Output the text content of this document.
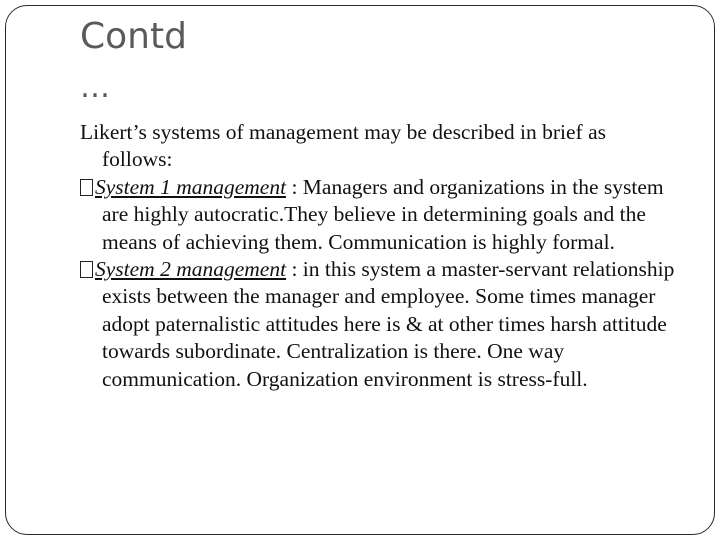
Contd
…

Likert’s systems of management may be described in brief as follows:

System 1 management : Managers and organizations in the system are highly autocratic.They believe in determining goals and the means of achieving them. Communication is highly formal.

System 2 management : in this system a master-servant relationship exists between the manager and employee. Some times manager adopt paternalistic attitudes here is & at other times harsh attitude towards subordinate. Centralization is there. One way communication. Organization environment is stress-full.
